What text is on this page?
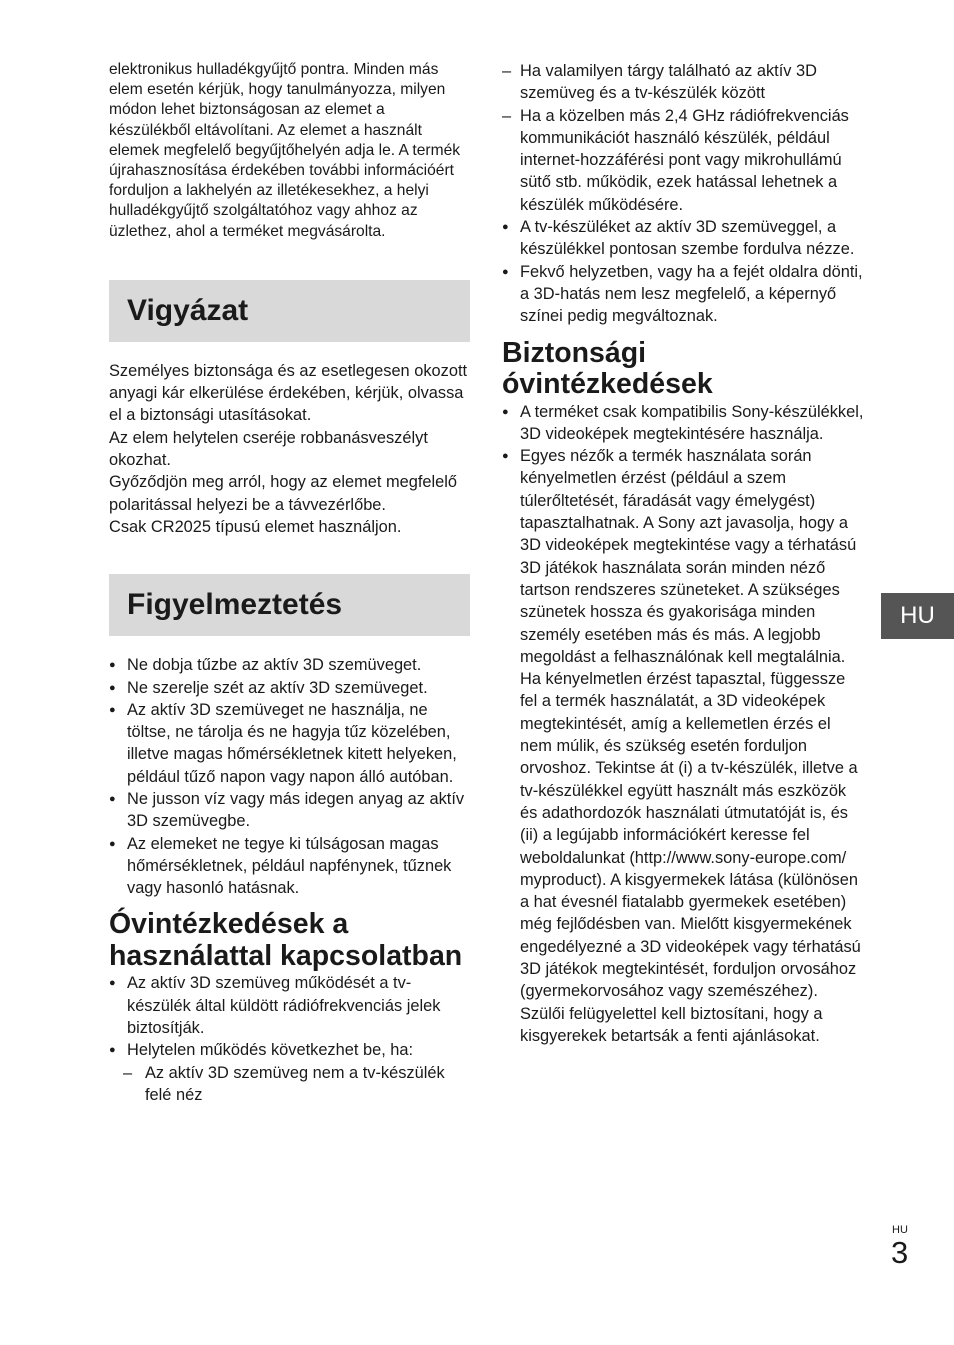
elektronikus hulladékgyűjtő pontra. Minden más elem esetén kérjük, hogy tanulmányozza, milyen módon lehet biztonságosan az elemet a készülékből eltávolítani. Az elemet a használt elemek megfelelő begyűjtőhelyén adja le. A termék újrahasznosítása érdekében további információért forduljon a lakhelyén az illetékesekhez, a helyi hulladékgyűjtő szolgáltatóhoz vagy ahhoz az üzlethez, ahol a terméket megvásárolta.

Vigyázat

Személyes biztonsága és az esetlegesen okozott anyagi kár elkerülése érdekében, kérjük, olvassa el a biztonsági utasításokat.

Az elem helytelen cseréje robbanásveszélyt okozhat.

Győződjön meg arról, hogy az elemet megfelelő polaritással helyezi be a távvezérlőbe.

Csak CR2025 típusú elemet használjon.

Figyelmeztetés
● Ne dobja tűzbe az aktív 3D szemüveget.
● Ne szerelje szét az aktív 3D szemüveget.
● Az aktív 3D szemüveget ne használja, ne töltse, ne tárolja és ne hagyja tűz közelében, illetve magas hőmérsékletnek kitett helyeken, például tűző napon vagy napon álló autóban.
● Ne jusson víz vagy más idegen anyag az aktív 3D szemüvegbe.
● Az elemeket ne tegye ki túlságosan magas hőmérsékletnek, például napfénynek, tűznek vagy hasonló hatásnak.
Óvintézkedések a használattal kapcsolatban
● Az aktív 3D szemüveg működését a tv-készülék által küldött rádiófrekvenciás jelek biztosítják.
● Helytelen működés következhet be, ha:
– Az aktív 3D szemüveg nem a tv-készülék felé néz
– Ha valamilyen tárgy található az aktív 3D szemüveg és a tv-készülék között
– Ha a közelben más 2,4 GHz rádiófrekvenciás kommunikációt használó készülék, például internet-hozzáférési pont vagy mikrohullámú sütő stb. működik, ezek hatással lehetnek a készülék működésére.
● A tv-készüléket az aktív 3D szemüveggel, a készülékkel pontosan szembe fordulva nézze.
● Fekvő helyzetben, vagy ha a fejét oldalra dönti, a 3D-hatás nem lesz megfelelő, a képernyő színei pedig megváltoznak.
Biztonsági óvintézkedések
● A terméket csak kompatibilis Sony-készülékkel, 3D videoképek megtekintésére használja.
● Egyes nézők a termék használata során kényelmetlen érzést (például a szem túlerőltetését, fáradását vagy émelygést) tapasztalhatnak. A Sony azt javasolja, hogy a 3D videoképek megtekintése vagy a térhatású 3D játékok használata során minden néző tartson rendszeres szüneteket. A szükséges szünetek hossza és gyakorisága minden személy esetében más és más. A legjobb megoldást a felhasználónak kell megtalálnia. Ha kényelmetlen érzést tapasztal, függessze fel a termék használatát, a 3D videoképek megtekintését, amíg a kellemetlen érzés el nem múlik, és szükség esetén forduljon orvoshoz. Tekintse át (i) a tv-készülék, illetve a tv-készülékkel együtt használt más eszközök és adathordozók használati útmutatóját is, és (ii) a legújabb információkért keresse fel weboldalunkat (http://www.sony-europe.com/ myproduct). A kisgyermekek látása (különösen a hat évesnél fiatalabb gyermekek esetében) még fejlődésben van. Mielőtt kisgyermekének engedélyezné a 3D videoképek vagy térhatású 3D játékok megtekintését, forduljon orvosához (gyermekorvosához vagy szemészéhez). Szülői felügyelettel kell biztosítani, hogy a kisgyerekek betartsák a fenti ajánlásokat.
HU
HU
3
